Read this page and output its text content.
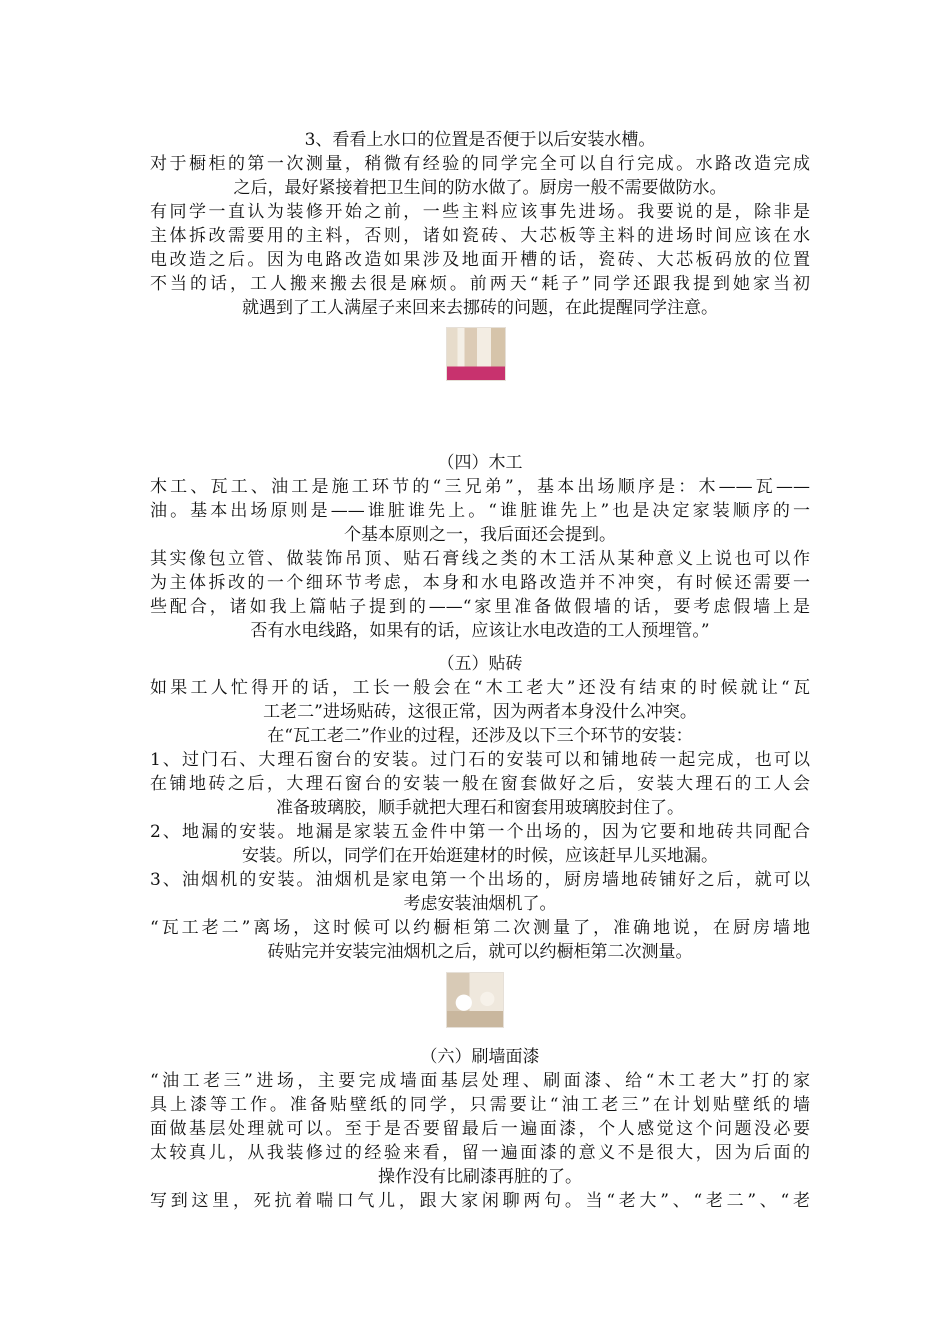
3、看看上水口的位置是否便于以后安装水槽。
对于橱柜的第一次测量，稍微有经验的同学完全可以自行完成。水路改造完成
之后，最好紧接着把卫生间的防水做了。厨房一般不需要做防水。
有同学一直认为装修开始之前，一些主料应该事先进场。我要说的是，除非是
主体拆改需要用的主料，否则，诸如瓷砖、大芯板等主料的进场时间应该在水
电改造之后。因为电路改造如果涉及地面开槽的话，瓷砖、大芯板码放的位置
不当的话，工人搬来搬去很是麻烦。前两天“耗子”同学还跟我提到她家当初
就遇到了工人满屋子来回来去挪砖的问题，在此提醒同学注意。
（四）木工
木工、瓦工、油工是施工环节的“三兄弟”，基本出场顺序是：木——瓦——
油。基本出场原则是——谁脏谁先上。“谁脏谁先上”也是决定家装顺序的一
个基本原则之一，我后面还会提到。
其实像包立管、做装饰吊顶、贴石膏线之类的木工活从某种意义上说也可以作
为主体拆改的一个细环节考虑，本身和水电路改造并不冲突，有时候还需要一
些配合，诸如我上篇帖子提到的——“家里准备做假墙的话，要考虑假墙上是
否有水电线路，如果有的话，应该让水电改造的工人预埋管。”
（五）贴砖
如果工人忙得开的话，工长一般会在“木工老大”还没有结束的时候就让“瓦
工老二”进场贴砖，这很正常，因为两者本身没什么冲突。
在“瓦工老二”作业的过程，还涉及以下三个环节的安装：
1、过门石、大理石窗台的安装。过门石的安装可以和铺地砖一起完成，也可以
在铺地砖之后，大理石窗台的安装一般在窗套做好之后，安装大理石的工人会
准备玻璃胶，顺手就把大理石和窗套用玻璃胶封住了。
2、地漏的安装。地漏是家装五金件中第一个出场的，因为它要和地砖共同配合
安装。所以，同学们在开始逛建材的时候，应该赶早儿买地漏。
3、油烟机的安装。油烟机是家电第一个出场的，厨房墙地砖铺好之后，就可以
考虑安装油烟机了。
“瓦工老二”离场，这时候可以约橱柜第二次测量了，准确地说，在厨房墙地
砖贴完并安装完油烟机之后，就可以约橱柜第二次测量。
（六）刷墙面漆
“油工老三”进场，主要完成墙面基层处理、刷面漆、给“木工老大”打的家
具上漆等工作。准备贴壁纸的同学，只需要让“油工老三”在计划贴壁纸的墙
面做基层处理就可以。至于是否要留最后一遍面漆，个人感觉这个问题没必要
太较真儿，从我装修过的经验来看，留一遍面漆的意义不是很大，因为后面的
操作没有比刷漆再脏的了。
写到这里，死抗着喘口气儿，跟大家闲聊两句。当“老大”、“老二”、“老
